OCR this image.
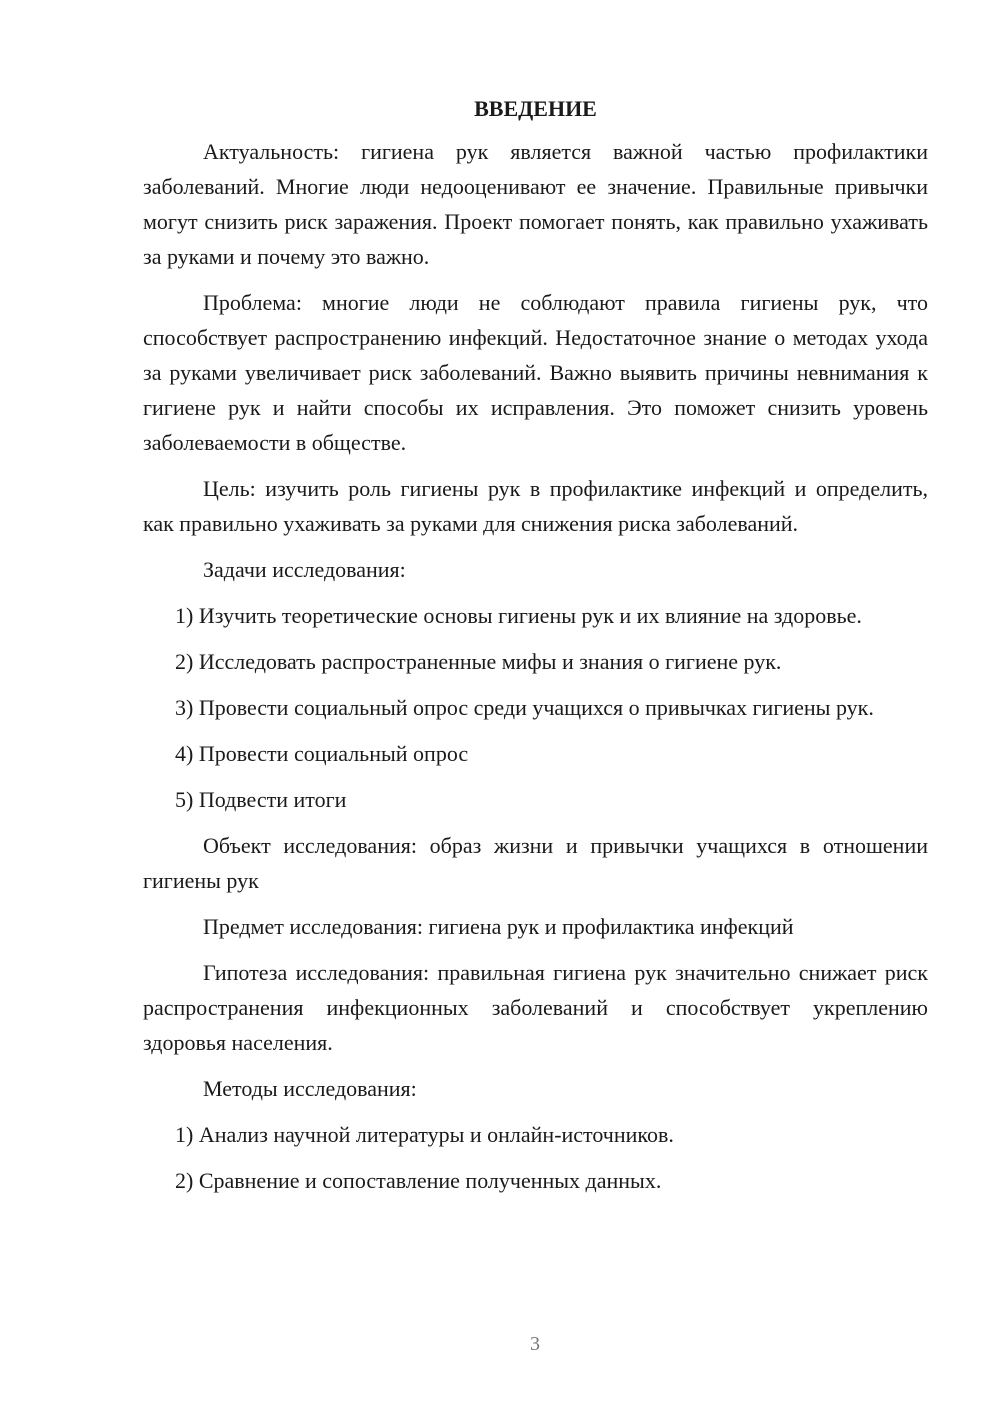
ВВЕДЕНИЕ

Актуальность: гигиена рук является важной частью профилактики заболеваний. Многие люди недооценивают ее значение. Правильные привычки могут снизить риск заражения. Проект помогает понять, как правильно ухаживать за руками и почему это важно.

Проблема: многие люди не соблюдают правила гигиены рук, что способствует распространению инфекций. Недостаточное знание о методах ухода за руками увеличивает риск заболеваний. Важно выявить причины невнимания к гигиене рук и найти способы их исправления. Это поможет снизить уровень заболеваемости в обществе.

Цель: изучить роль гигиены рук в профилактике инфекций и определить, как правильно ухаживать за руками для снижения риска заболеваний.

Задачи исследования:

1) Изучить теоретические основы гигиены рук и их влияние на здоровье.

2) Исследовать распространенные мифы и знания о гигиене рук.

3) Провести социальный опрос среди учащихся о привычках гигиены рук.

4) Провести социальный опрос

5) Подвести итоги

Объект исследования: образ жизни и привычки учащихся в отношении гигиены рук

Предмет исследования: гигиена рук и профилактика инфекций

Гипотеза исследования: правильная гигиена рук значительно снижает риск распространения инфекционных заболеваний и способствует укреплению здоровья населения.

Методы исследования:

1) Анализ научной литературы и онлайн-источников.

2) Сравнение и сопоставление полученных данных.

3
